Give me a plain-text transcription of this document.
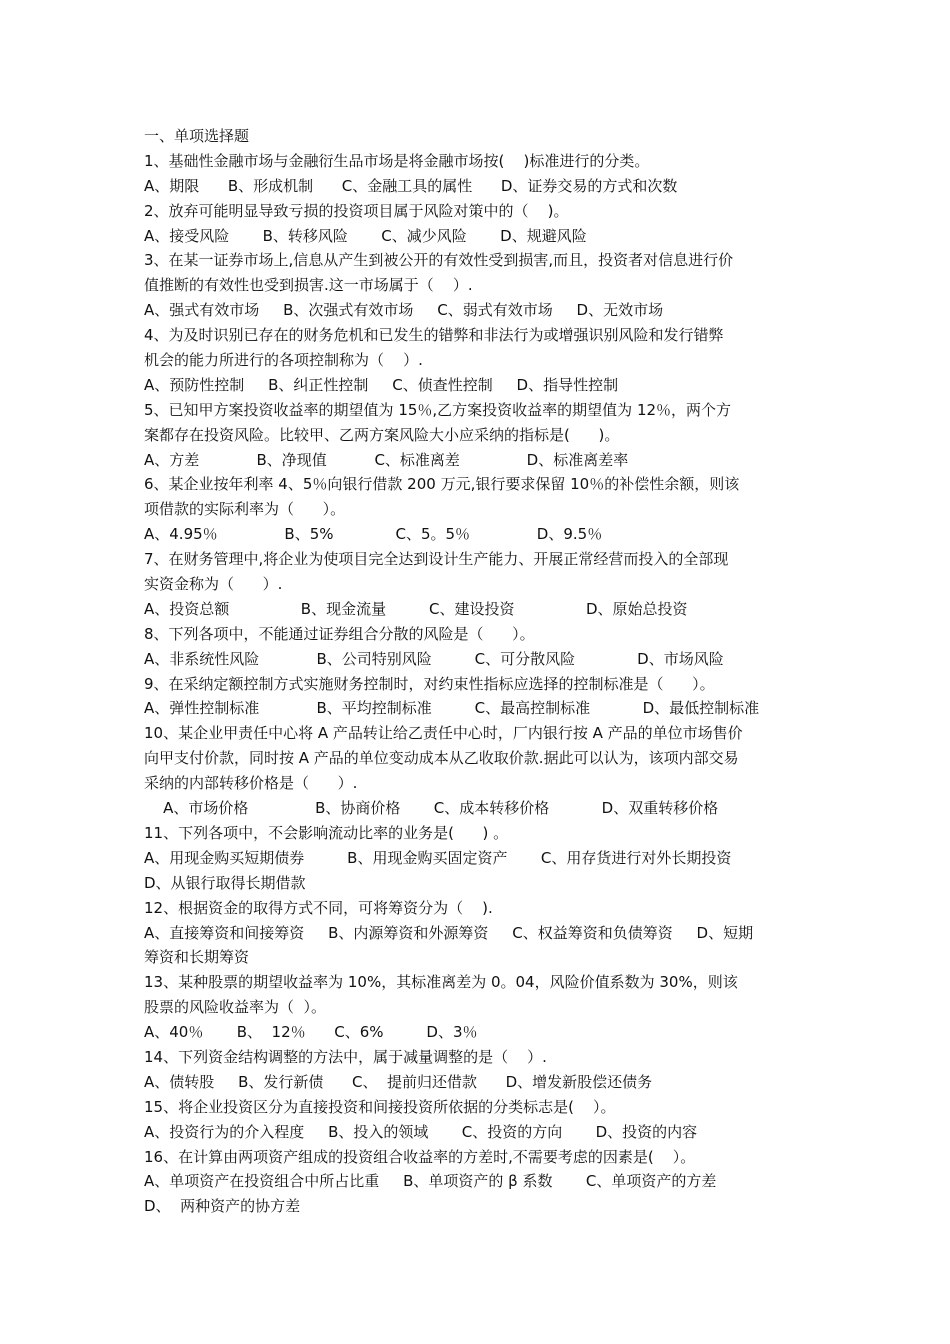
一、单项选择题
1、基础性金融市场与金融衍生品市场是将金融市场按(    )标准进行的分类。
A、期限      B、形成机制      C、金融工具的属性      D、证券交易的方式和次数
2、放弃可能明显导致亏损的投资项目属于风险对策中的（    )。
A、接受风险       B、转移风险       C、减少风险       D、规避风险
3、在某一证券市场上,信息从产生到被公开的有效性受到损害,而且，投资者对信息进行价
值推断的有效性也受到损害.这一市场属于（    ）.
A、强式有效市场     B、次强式有效市场     C、弱式有效市场     D、无效市场
4、为及时识别已存在的财务危机和已发生的错弊和非法行为或增强识别风险和发行错弊
机会的能力所进行的各项控制称为（    ）.
A、预防性控制     B、纠正性控制     C、侦查性控制     D、指导性控制
5、已知甲方案投资收益率的期望值为 15％,乙方案投资收益率的期望值为 12％，两个方
案都存在投资风险。比较甲、乙两方案风险大小应采纳的指标是(      )。
A、方差            B、净现值          C、标准离差              D、标准离差率
6、某企业按年利率 4、5％向银行借款 200 万元,银行要求保留 10％的补偿性余额，则该
项借款的实际利率为（      ）。
A、4.95％              B、5%             C、5。5％              D、9.5％
7、在财务管理中,将企业为使项目完全达到设计生产能力、开展正常经营而投入的全部现
实资金称为（      ）.
A、投资总额               B、现金流量         C、建设投资               D、原始总投资
8、下列各项中，不能通过证券组合分散的风险是（      ）。
A、非系统性风险            B、公司特别风险         C、可分散风险             D、市场风险
9、在采纳定额控制方式实施财务控制时，对约束性指标应选择的控制标准是（      ）。
A、弹性控制标准            B、平均控制标准         C、最高控制标准           D、最低控制标准
10、某企业甲责任中心将 A 产品转让给乙责任中心时，厂内银行按 A 产品的单位市场售价
向甲支付价款，同时按 A 产品的单位变动成本从乙收取价款.据此可以认为，该项内部交易
采纳的内部转移价格是（      ）.
A、市场价格              B、协商价格       C、成本转移价格           D、双重转移价格
11、下列各项中，不会影响流动比率的业务是(      ) 。
A、用现金购买短期债券         B、用现金购买固定资产       C、用存货进行对外长期投资
D、从银行取得长期借款
12、根据资金的取得方式不同，可将筹资分为（    ).
A、直接筹资和间接筹资     B、内源筹资和外源筹资     C、权益筹资和负债筹资     D、短期
筹资和长期筹资
13、某种股票的期望收益率为 10%，其标准离差为 0。04，风险价值系数为 30%，则该
股票的风险收益率为（  ）。
A、40％       B、  12％      C、6%         D、3％
14、下列资金结构调整的方法中，属于减量调整的是（    ）.
A、债转股     B、发行新债      C、  提前归还借款      D、增发新股偿还债务
15、将企业投资区分为直接投资和间接投资所依据的分类标志是(    ）。
A、投资行为的介入程度     B、投入的领域       C、投资的方向       D、投资的内容
16、在计算由两项资产组成的投资组合收益率的方差时,不需要考虑的因素是(    ）。
A、单项资产在投资组合中所占比重     B、单项资产的 β 系数       C、单项资产的方差
D、  两种资产的协方差
